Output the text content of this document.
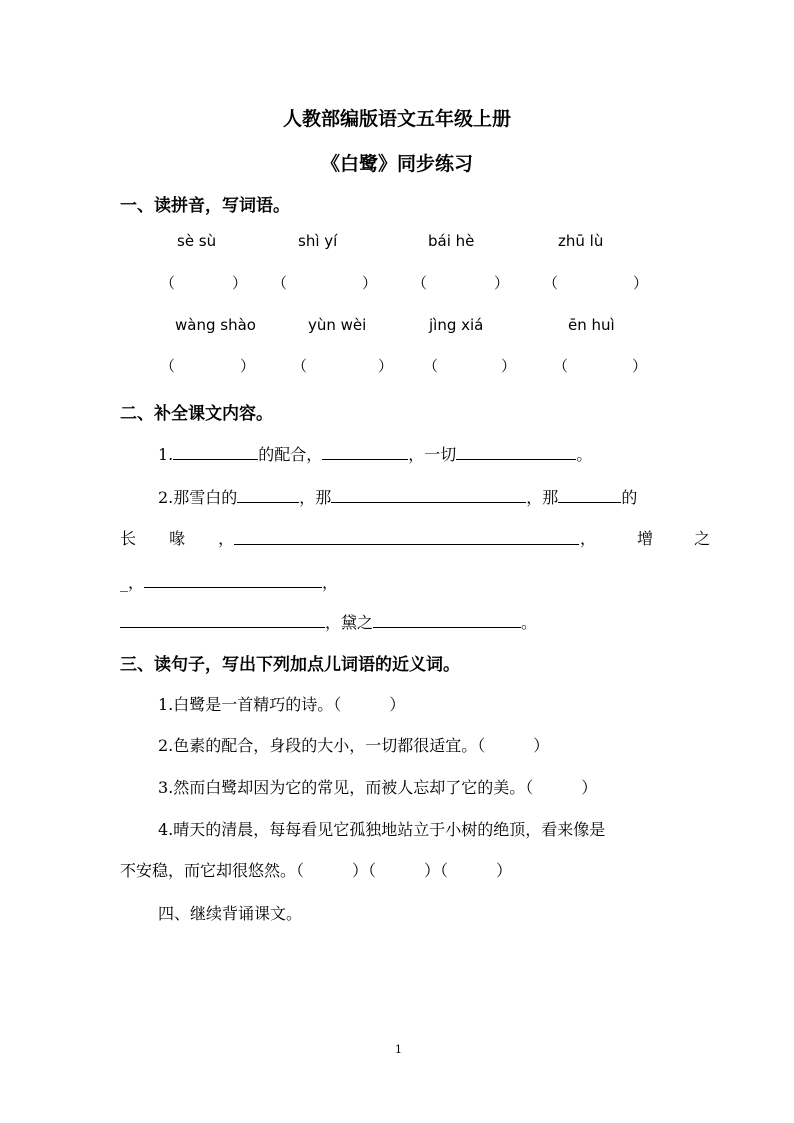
人教部编版语文五年级上册
《白鹭》同步练习
一、读拼音，写词语。
sè sù	shì yí	bái hè	zhū lù
（	） （	） （	） （	）
wàng shào	yùn wèi	jìng xiá	ēn huì
（	） （	） （	） （	）
二、补全课文内容。
1.	的配合，	，一切	。
2.那雪白的	，那	，那	的
长 喙 ，	， 增 之
_，	，
，黛之	。
三、读句子，写出下列加点儿词语的近义词。
1.白鹭是一首精巧的诗。（　　　）
2.色素的配合，身段的大小，一切都很适宜。（　　　）
3.然而白鹭却因为它的常见，而被人忘却了它的美。（　　　）
4.晴天的清晨，每每看见它孤独地站立于小树的绝顶，看来像是
不安稳，而它却很悠然。（　　　）（　　　）（　　　）
四、继续背诵课文。
1
